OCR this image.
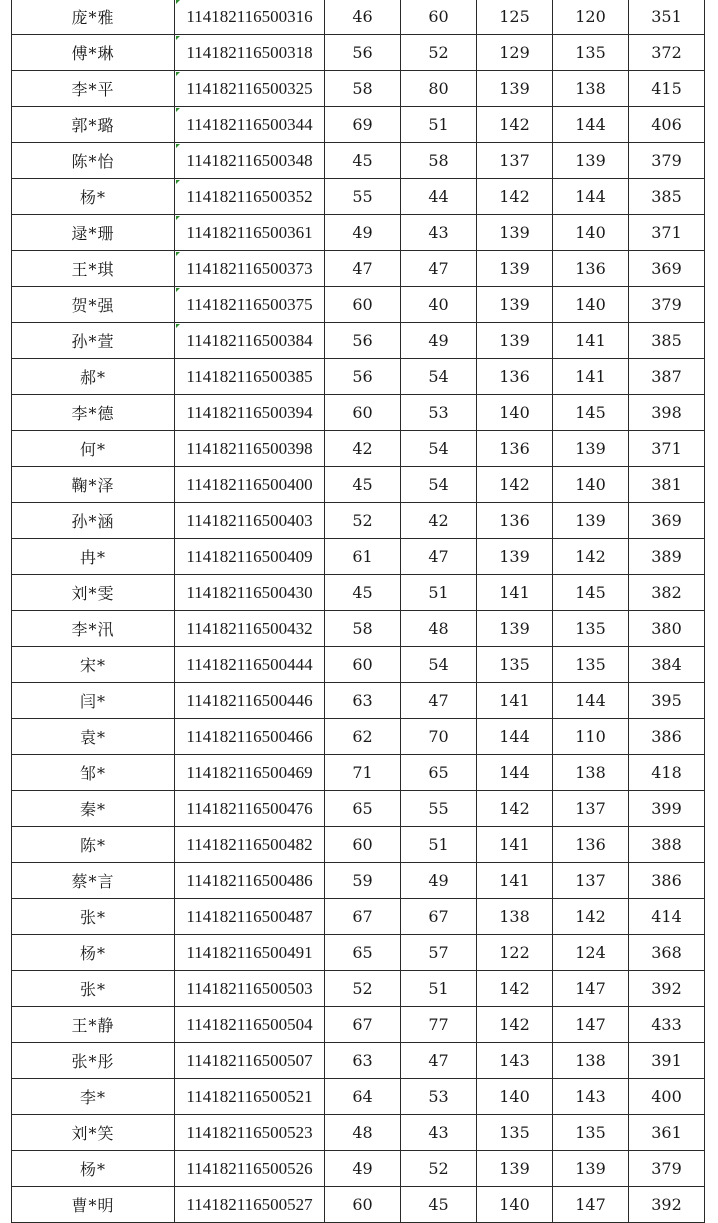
庞*雅	114182116500316	46	60	125	120	351
傅*琳	114182116500318	56	52	129	135	372
李*平	114182116500325	58	80	139	138	415
郭*璐	114182116500344	69	51	142	144	406
陈*怡	114182116500348	45	58	137	139	379
杨*	114182116500352	55	44	142	144	385
逯*珊	114182116500361	49	43	139	140	371
王*琪	114182116500373	47	47	139	136	369
贺*强	114182116500375	60	40	139	140	379
孙*萱	114182116500384	56	49	139	141	385
郝*	114182116500385	56	54	136	141	387
李*德	114182116500394	60	53	140	145	398
何*	114182116500398	42	54	136	139	371
鞠*泽	114182116500400	45	54	142	140	381
孙*涵	114182116500403	52	42	136	139	369
冉*	114182116500409	61	47	139	142	389
刘*雯	114182116500430	45	51	141	145	382
李*汛	114182116500432	58	48	139	135	380
宋*	114182116500444	60	54	135	135	384
闫*	114182116500446	63	47	141	144	395
袁*	114182116500466	62	70	144	110	386
邹*	114182116500469	71	65	144	138	418
秦*	114182116500476	65	55	142	137	399
陈*	114182116500482	60	51	141	136	388
蔡*言	114182116500486	59	49	141	137	386
张*	114182116500487	67	67	138	142	414
杨*	114182116500491	65	57	122	124	368
张*	114182116500503	52	51	142	147	392
王*静	114182116500504	67	77	142	147	433
张*彤	114182116500507	63	47	143	138	391
李*	114182116500521	64	53	140	143	400
刘*笑	114182116500523	48	43	135	135	361
杨*	114182116500526	49	52	139	139	379
曹*明	114182116500527	60	45	140	147	392
